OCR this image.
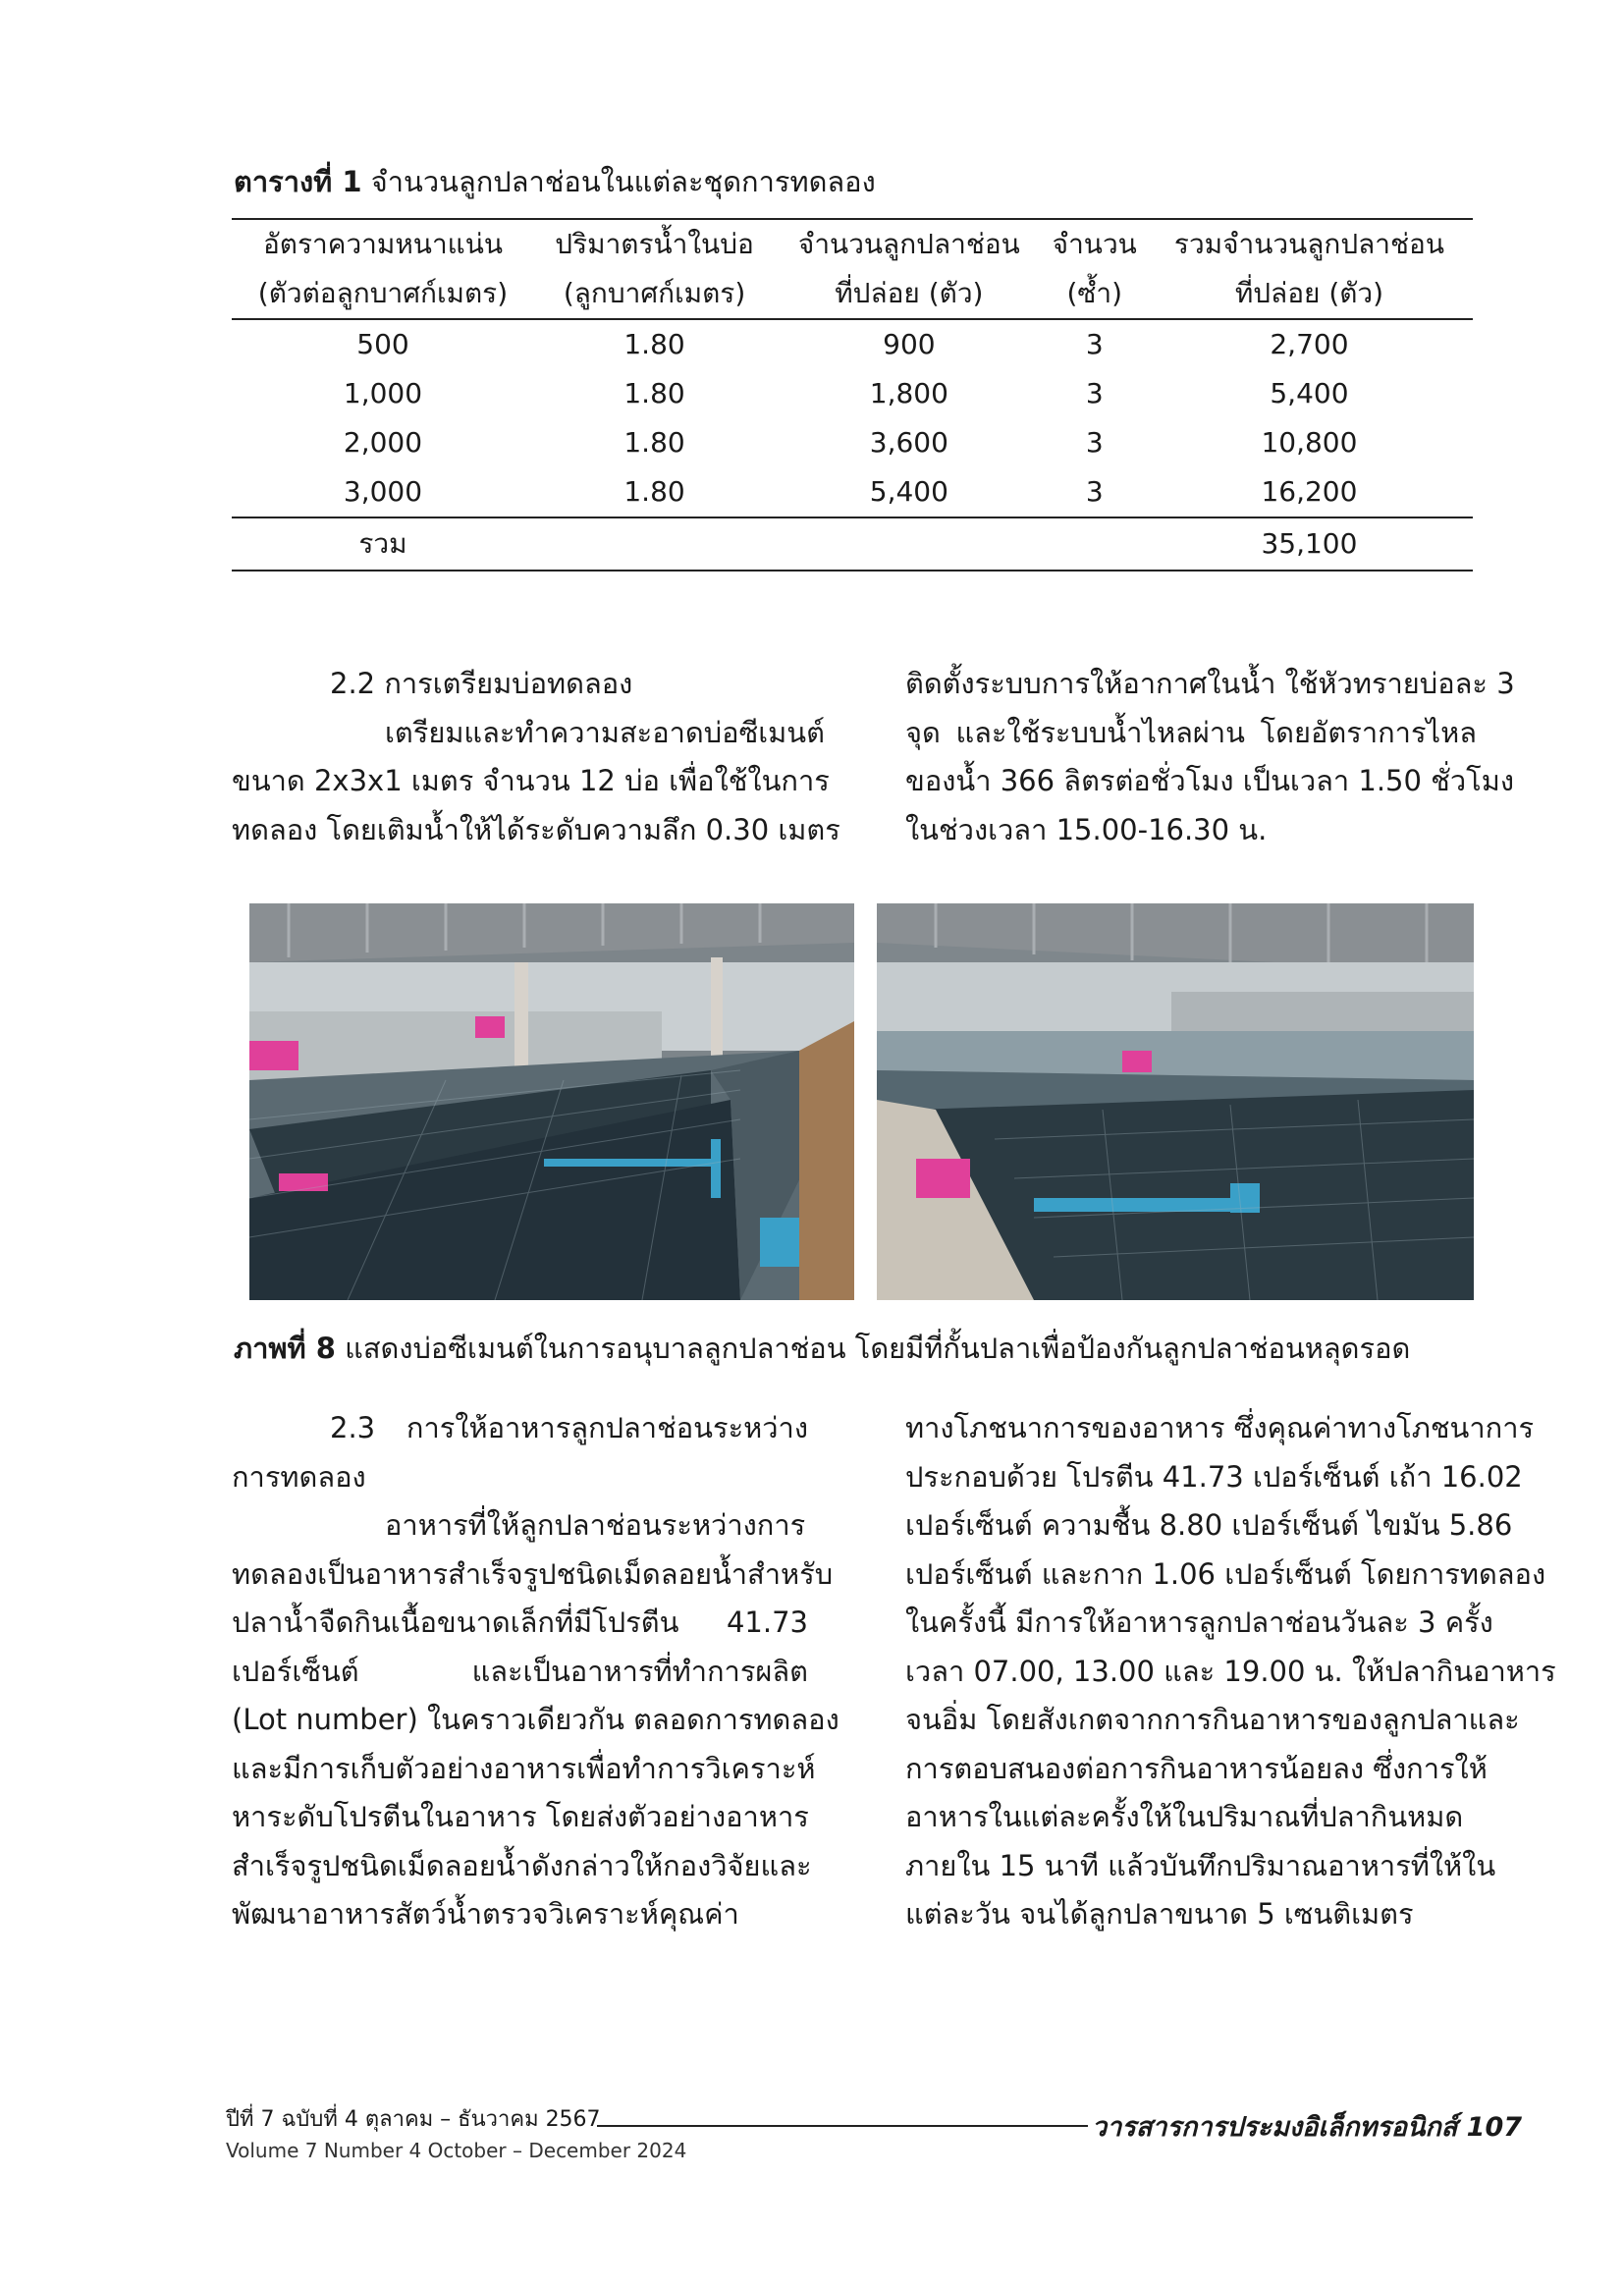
ตารางที่ 1 จำนวนลูกปลาช่อนในแต่ละชุดการทดลอง
อัตราความหนาแน่น	ปริมาตรน้ำในบ่อ	จำนวนลูกปลาช่อน	จำนวน	รวมจำนวนลูกปลาช่อน
(ตัวต่อลูกบาศก์เมตร)	(ลูกบาศก์เมตร)	ที่ปล่อย (ตัว)	(ซ้ำ)	ที่ปล่อย (ตัว)
500	1.80	900	3	2,700
1,000	1.80	1,800	3	5,400
2,000	1.80	3,600	3	10,800
3,000	1.80	5,400	3	16,200
รวม				35,100
2.2 การเตรียมบ่อทดลอง
เตรียมและทำความสะอาดบ่อซีเมนต์
ขนาด 2x3x1 เมตร จำนวน 12 บ่อ เพื่อใช้ในการ
ทดลอง โดยเติมน้ำให้ได้ระดับความลึก 0.30 เมตร
ติดตั้งระบบการให้อากาศในน้ำ ใช้หัวทรายบ่อละ 3
จุด และใช้ระบบน้ำไหลผ่าน โดยอัตราการไหล
ของน้ำ 366 ลิตรต่อชั่วโมง เป็นเวลา 1.50 ชั่วโมง
ในช่วงเวลา 15.00-16.30 น.
ภาพที่ 8 แสดงบ่อซีเมนต์ในการอนุบาลลูกปลาช่อน โดยมีที่กั้นปลาเพื่อป้องกันลูกปลาช่อนหลุดรอด
2.3 การให้อาหารลูกปลาช่อนระหว่าง
การทดลอง
อาหารที่ให้ลูกปลาช่อนระหว่างการ
ทดลองเป็นอาหารสำเร็จรูปชนิดเม็ดลอยน้ำสำหรับ
ปลาน้ำจืดกินเนื้อขนาดเล็กที่มีโปรตีน 41.73
เปอร์เซ็นต์ และเป็นอาหารที่ทำการผลิต
(Lot number) ในคราวเดียวกัน ตลอดการทดลอง
และมีการเก็บตัวอย่างอาหารเพื่อทำการวิเคราะห์
หาระดับโปรตีนในอาหาร โดยส่งตัวอย่างอาหาร
สำเร็จรูปชนิดเม็ดลอยน้ำดังกล่าวให้กองวิจัยและ
พัฒนาอาหารสัตว์น้ำตรวจวิเคราะห์คุณค่า
ทางโภชนาการของอาหาร ซึ่งคุณค่าทางโภชนาการ
ประกอบด้วย โปรตีน 41.73 เปอร์เซ็นต์ เถ้า 16.02
เปอร์เซ็นต์ ความชื้น 8.80 เปอร์เซ็นต์ ไขมัน 5.86
เปอร์เซ็นต์ และกาก 1.06 เปอร์เซ็นต์ โดยการทดลอง
ในครั้งนี้ มีการให้อาหารลูกปลาช่อนวันละ 3 ครั้ง
เวลา 07.00, 13.00 และ 19.00 น. ให้ปลากินอาหาร
จนอิ่ม โดยสังเกตจากการกินอาหารของลูกปลาและ
การตอบสนองต่อการกินอาหารน้อยลง ซึ่งการให้
อาหารในแต่ละครั้งให้ในปริมาณที่ปลากินหมด
ภายใน 15 นาที แล้วบันทึกปริมาณอาหารที่ให้ใน
แต่ละวัน จนได้ลูกปลาขนาด 5 เซนติเมตร
ปีที่ 7 ฉบับที่ 4 ตุลาคม – ธันวาคม 2567
Volume 7 Number 4 October – December 2024
วารสารการประมงอิเล็กทรอนิกส์ 107
